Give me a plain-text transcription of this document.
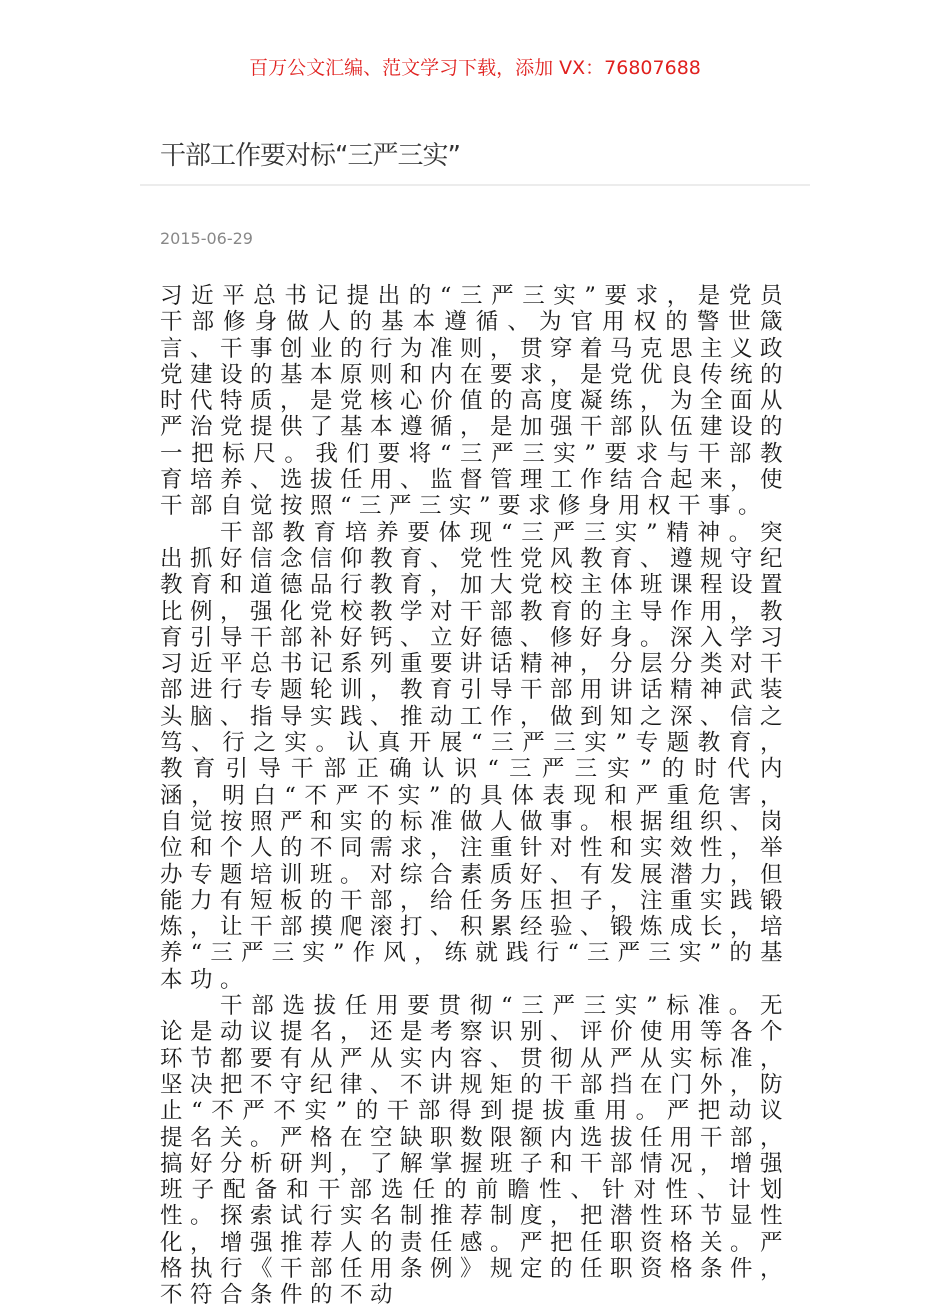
百万公文汇编、范文学习下载，添加 VX：76807688
干部工作要对标“三严三实”
2015-06-29

习近平总书记提出的“三严三实”要求，是党员干部修身做人的基本遵循、为官用权的警世箴言、干事创业的行为准则，贯穿着马克思主义政党建设的基本原则和内在要求，是党优良传统的时代特质，是党核心价值的高度凝练，为全面从严治党提供了基本遵循，是加强干部队伍建设的一把标尺。我们要将“三严三实”要求与干部教育培养、选拔任用、监督管理工作结合起来，使干部自觉按照“三严三实”要求修身用权干事。

干部教育培养要体现“三严三实”精神。突出抓好信念信仰教育、党性党风教育、遵规守纪教育和道德品行教育，加大党校主体班课程设置比例，强化党校教学对干部教育的主导作用，教育引导干部补好钙、立好德、修好身。深入学习习近平总书记系列重要讲话精神，分层分类对干部进行专题轮训，教育引导干部用讲话精神武装头脑、指导实践、推动工作，做到知之深、信之笃、行之实。认真开展“三严三实”专题教育，教育引导干部正确认识“三严三实”的时代内涵，明白“不严不实”的具体表现和严重危害，自觉按照严和实的标准做人做事。根据组织、岗位和个人的不同需求，注重针对性和实效性，举办专题培训班。对综合素质好、有发展潜力，但能力有短板的干部，给任务压担子，注重实践锻炼，让干部摸爬滚打、积累经验、锻炼成长，培养“三严三实”作风，练就践行“三严三实”的基本功。

干部选拔任用要贯彻“三严三实”标准。无论是动议提名，还是考察识别、评价使用等各个环节都要有从严从实内容、贯彻从严从实标准，坚决把不守纪律、不讲规矩的干部挡在门外，防止“不严不实”的干部得到提拔重用。严把动议提名关。严格在空缺职数限额内选拔任用干部，搞好分析研判，了解掌握班子和干部情况，增强班子配备和干部选任的前瞻性、针对性、计划性。探索试行实名制推荐制度，把潜性环节显性化，增强推荐人的责任感。严把任职资格关。严格执行《干部任用条例》规定的任职资格条件，不符合条件的不动
